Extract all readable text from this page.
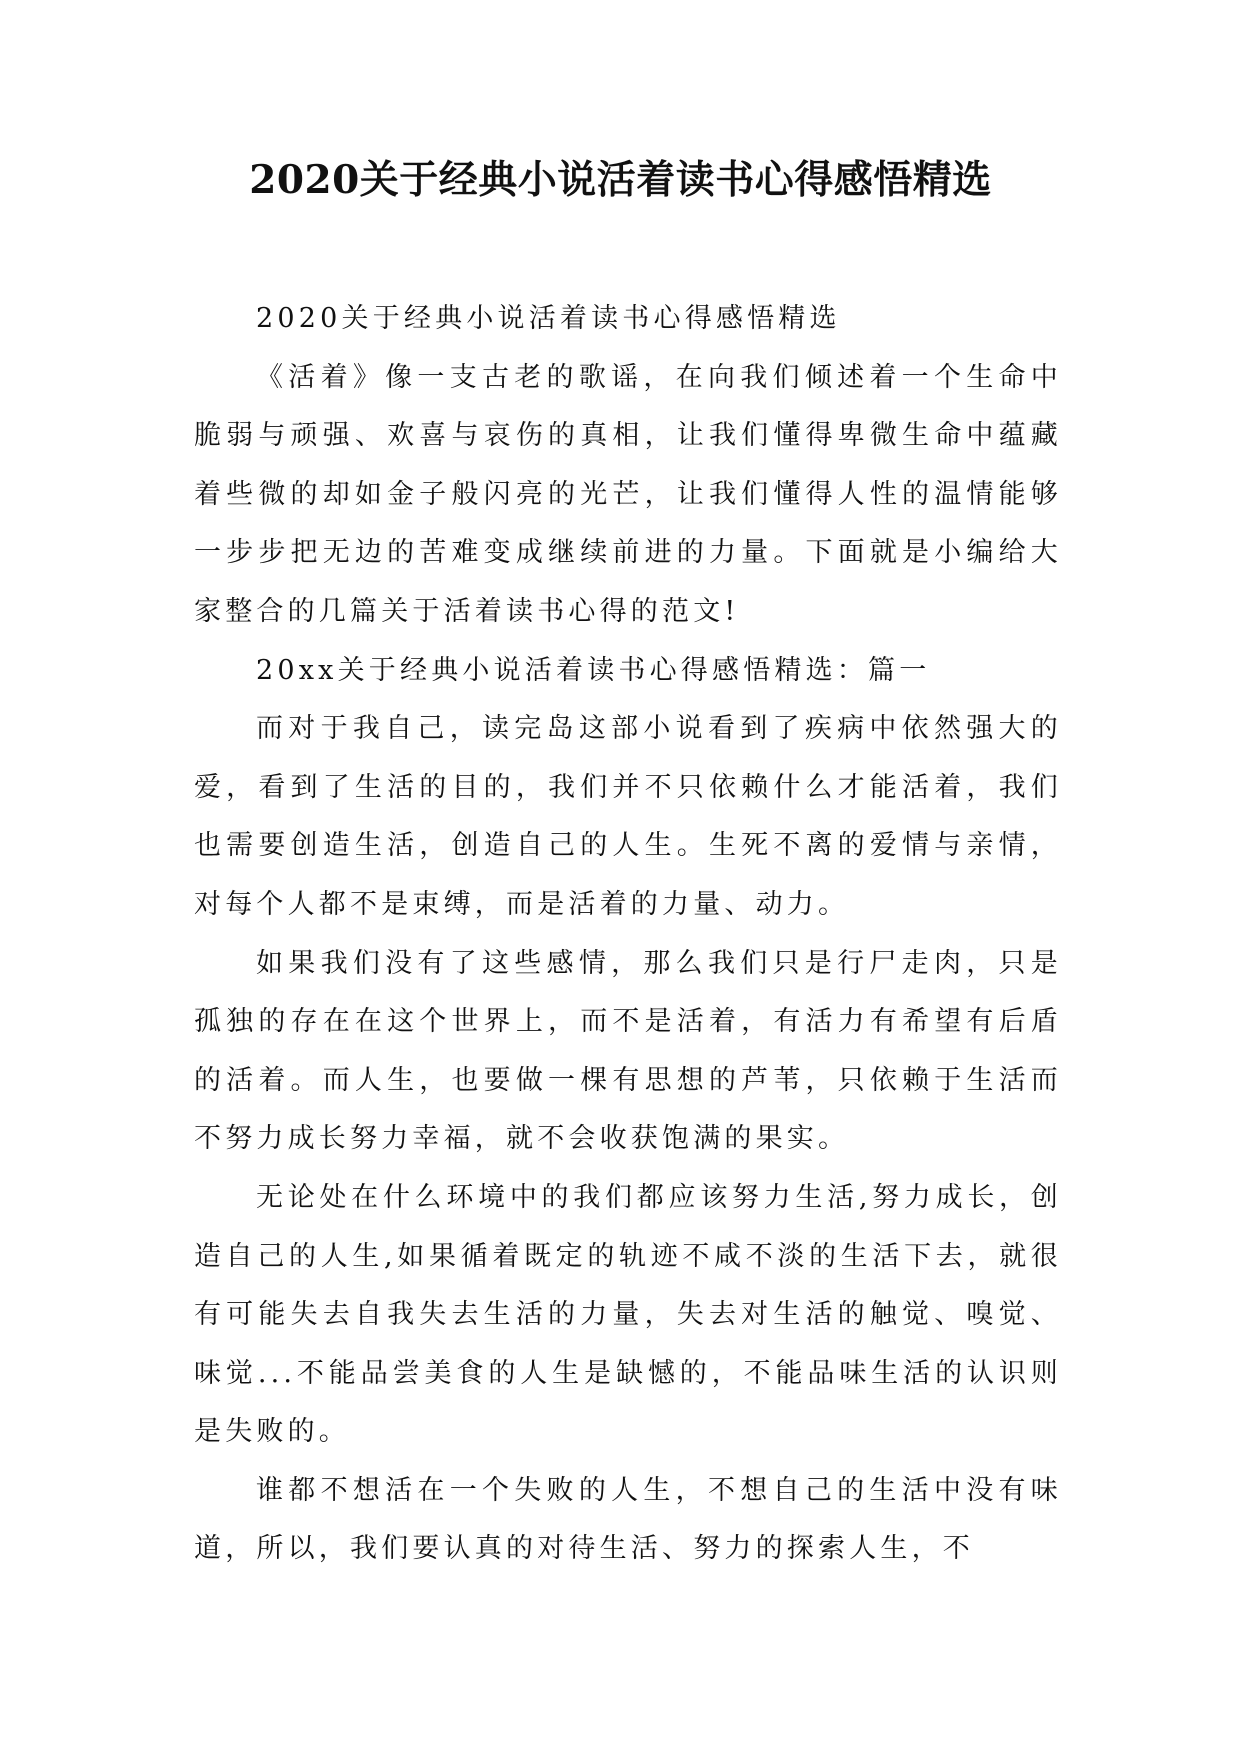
2020关于经典小说活着读书心得感悟精选

2020关于经典小说活着读书心得感悟精选

《活着》像一支古老的歌谣，在向我们倾述着一个生命中脆弱与顽强、欢喜与哀伤的真相，让我们懂得卑微生命中蕴藏着些微的却如金子般闪亮的光芒，让我们懂得人性的温情能够一步步把无边的苦难变成继续前进的力量。下面就是小编给大家整合的几篇关于活着读书心得的范文!

20xx关于经典小说活着读书心得感悟精选：篇一

而对于我自己，读完岛这部小说看到了疾病中依然强大的爱，看到了生活的目的，我们并不只依赖什么才能活着，我们也需要创造生活，创造自己的人生。生死不离的爱情与亲情，对每个人都不是束缚，而是活着的力量、动力。

如果我们没有了这些感情，那么我们只是行尸走肉，只是孤独的存在在这个世界上，而不是活着，有活力有希望有后盾的活着。而人生，也要做一棵有思想的芦苇，只依赖于生活而不努力成长努力幸福，就不会收获饱满的果实。

无论处在什么环境中的我们都应该努力生活,努力成长，创造自己的人生,如果循着既定的轨迹不咸不淡的生活下去，就很有可能失去自我失去生活的力量，失去对生活的触觉、嗅觉、味觉...不能品尝美食的人生是缺憾的，不能品味生活的认识则是失败的。

谁都不想活在一个失败的人生，不想自己的生活中没有味道，所以，我们要认真的对待生活、努力的探索人生，不
